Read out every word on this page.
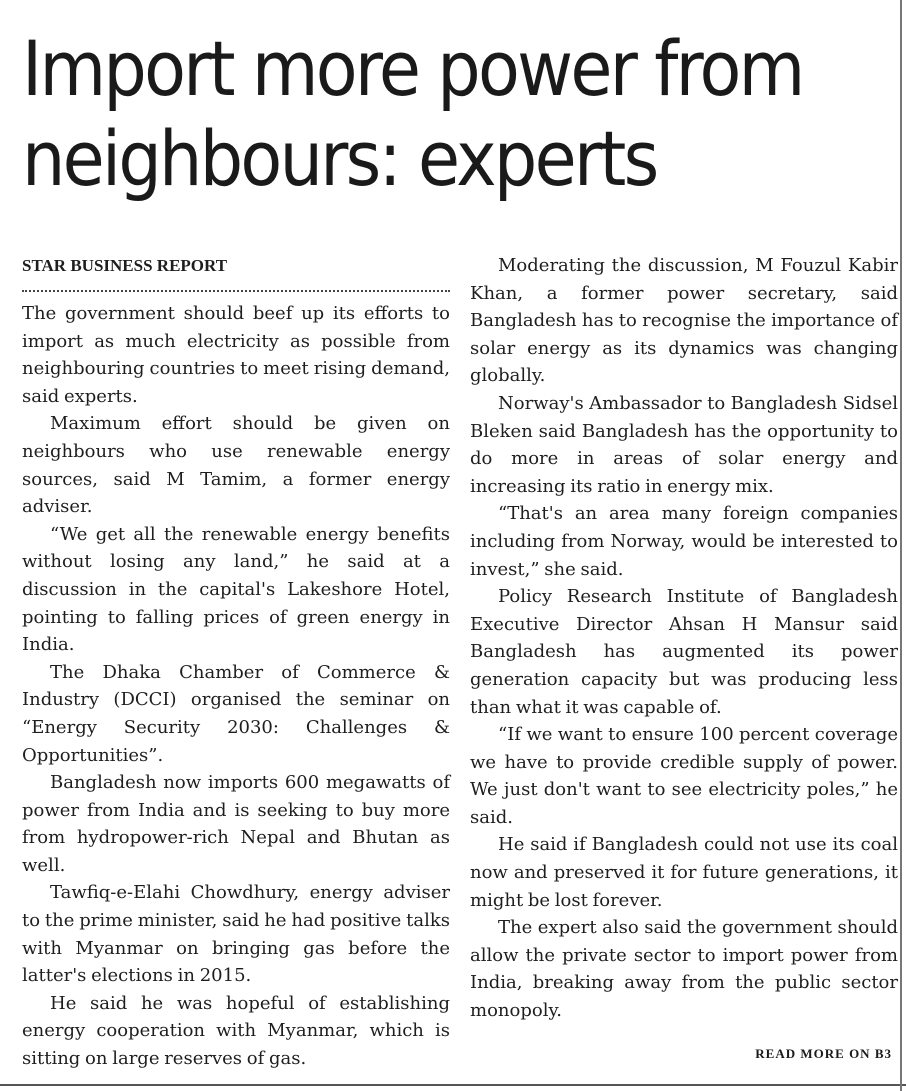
Import more power from
neighbours: experts
STAR BUSINESS REPORT

The government should beef up its efforts to import as much electricity as possible from neighbouring countries to meet rising demand, said experts.

Maximum effort should be given on neighbours who use renewable energy sources, said M Tamim, a former energy adviser.

“We get all the renewable energy benefits without losing any land,” he said at a discussion in the capital's Lakeshore Hotel, pointing to falling prices of green energy in India.

The Dhaka Chamber of Commerce & Industry (DCCI) organised the seminar on “Energy Security 2030: Challenges & Opportunities”.

Bangladesh now imports 600 megawatts of power from India and is seeking to buy more from hydropower-rich Nepal and Bhutan as well.

Tawfiq-e-Elahi Chowdhury, energy adviser to the prime minister, said he had positive talks with Myanmar on bringing gas before the latter's elections in 2015.

He said he was hopeful of establishing energy cooperation with Myanmar, which is sitting on large reserves of gas.

Moderating the discussion, M Fouzul Kabir Khan, a former power secretary, said Bangladesh has to recognise the importance of solar energy as its dynamics was changing globally.

Norway's Ambassador to Bangladesh Sidsel Bleken said Bangladesh has the opportunity to do more in areas of solar energy and increasing its ratio in energy mix.

“That's an area many foreign companies including from Norway, would be interested to invest,” she said.

Policy Research Institute of Bangladesh Executive Director Ahsan H Mansur said Bangladesh has augmented its power generation capacity but was producing less than what it was capable of.

“If we want to ensure 100 percent coverage we have to provide credible supply of power. We just don't want to see electricity poles,” he said.

He said if Bangladesh could not use its coal now and preserved it for future generations, it might be lost forever.

The expert also said the government should allow the private sector to import power from India, breaking away from the public sector monopoly.

READ MORE ON B3
